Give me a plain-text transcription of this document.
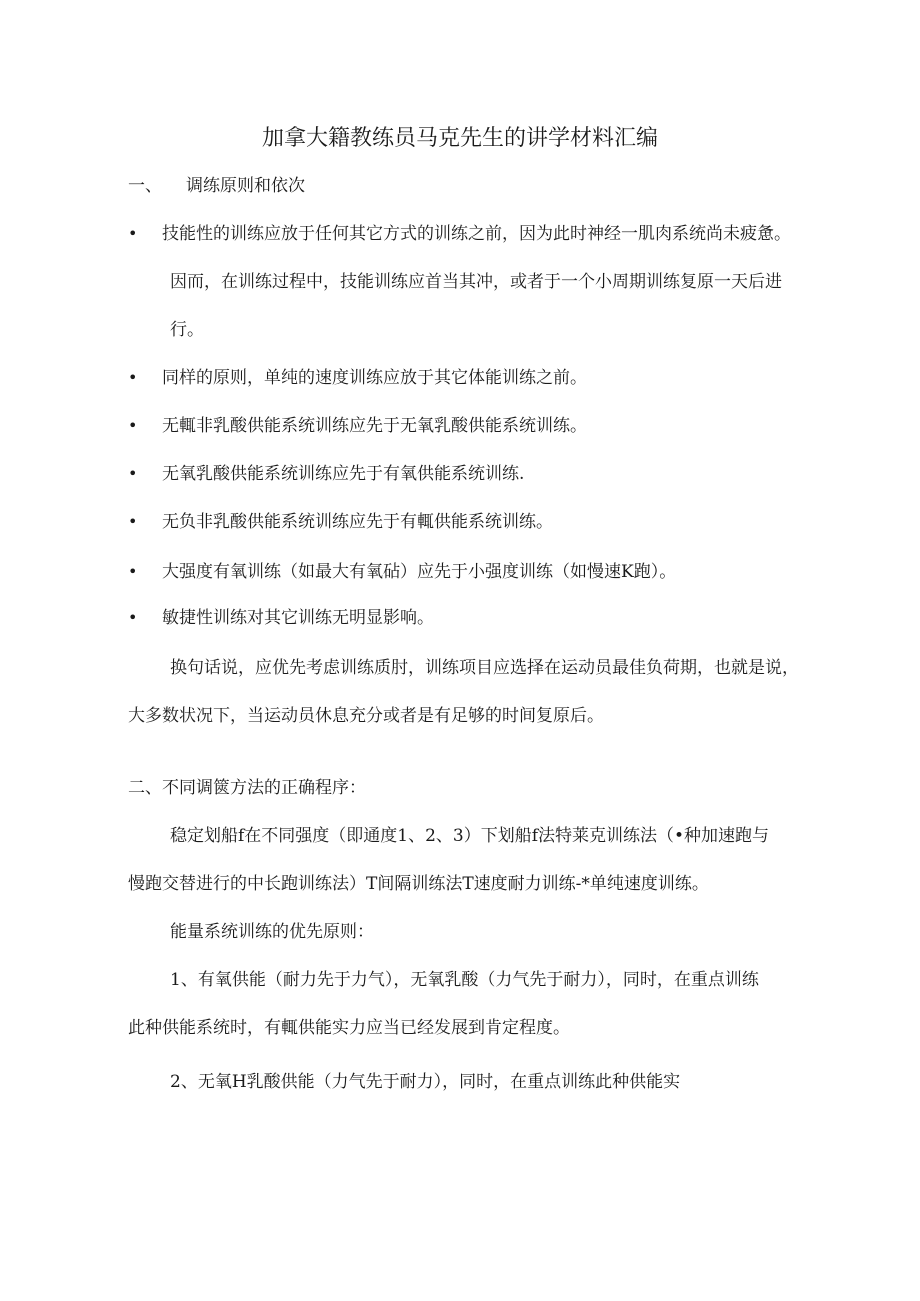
加拿大籍教练员马克先生的讲学材料汇编
一、 调练原则和依次
• 技能性的训练应放于任何其它方式的训练之前，因为此时神经一肌肉系统尚未疲惫。
因而，在训练过程中，技能训练应首当其冲，或者于一个小周期训练复原一天后进
行。
• 同样的原则，单纯的速度训练应放于其它体能训练之前。
• 无輒非乳酸供能系统训练应先于无氧乳酸供能系统训练。
• 无氧乳酸供能系统训练应先于有氧供能系统训练.
• 无负非乳酸供能系统训练应先于有輒供能系统训练。
• 大强度有氧训练（如最大有氧砧）应先于小强度训练（如慢速K跑）。
• 敏捷性训练对其它训练无明显影响。
换句话说，应优先考虑训练质肘，训练项目应选择在运动员最佳负荷期，也就是说，
大多数状况下，当运动员休息充分或者是有足够的时间复原后。
二、不同调篋方法的正确程序：
稳定划船f在不同强度（即通度1、2、3）下划船f法特莱克训练法（•种加速跑与
慢跑交替进行的中长跑训练法）T间隔训练法T速度耐力训练-*单纯速度训练。
能量系统训练的优先原则：
1、有氧供能（耐力先于力气），无氧乳酸（力气先于耐力），同时，在重点训练
此种供能系统时，有輒供能实力应当已经发展到肯定程度。
2、无氧H乳酸供能（力气先于耐力），同时，在重点训练此种供能实
